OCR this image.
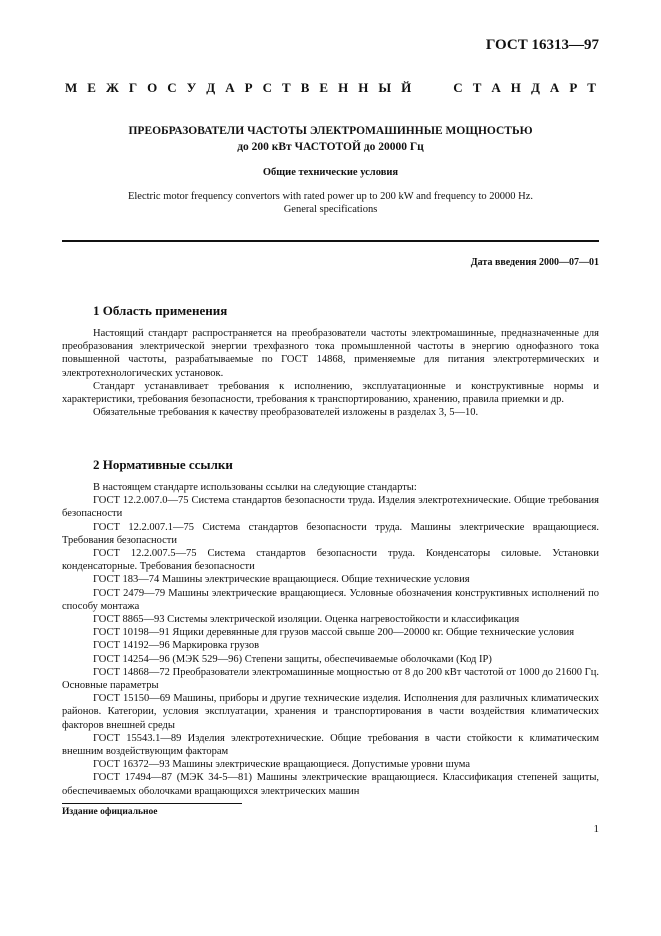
ГОСТ 16313—97
М Е Ж Г О С У Д А Р С Т В Е Н Н Ы Й	С Т А Н Д А Р Т
ПРЕОБРАЗОВАТЕЛИ ЧАСТОТЫ ЭЛЕКТРОМАШИННЫЕ МОЩНОСТЬЮ
до 200 кВт ЧАСТОТОЙ до 20000 Гц
Общие технические условия
Electric motor frequency convertors with rated power up to 200 kW and frequency to 20000 Hz.
General specifications
Дата введения 2000—07—01
1 Область применения

Настоящий стандарт распространяется на преобразователи частоты электромашинные, предназначенные для преобразования электрической энергии трехфазного тока промышленной частоты в энергию однофазного тока повышенной частоты, разрабатываемые по ГОСТ 14868, применяемые для питания электротермических и электротехнологических установок.

Стандарт устанавливает требования к исполнению, эксплуатационные и конструктивные нормы и характеристики, требования безопасности, требования к транспортированию, хранению, правила приемки и др.

Обязательные требования к качеству преобразователей изложены в разделах 3, 5—10.

2 Нормативные ссылки

В настоящем стандарте использованы ссылки на следующие стандарты:

ГОСТ 12.2.007.0—75 Система стандартов безопасности труда. Изделия электротехнические. Общие требования безопасности

ГОСТ 12.2.007.1—75 Система стандартов безопасности труда. Машины электрические вращающиеся. Требования безопасности

ГОСТ 12.2.007.5—75 Система стандартов безопасности труда. Конденсаторы силовые. Установки конденсаторные. Требования безопасности

ГОСТ 183—74 Машины электрические вращающиеся. Общие технические условия

ГОСТ 2479—79 Машины электрические вращающиеся. Условные обозначения конструктивных исполнений по способу монтажа

ГОСТ 8865—93 Системы электрической изоляции. Оценка нагревостойкости и классификация

ГОСТ 10198—91 Ящики деревянные для грузов массой свыше 200—20000 кг. Общие технические условия

ГОСТ 14192—96 Маркировка грузов

ГОСТ 14254—96 (МЭК 529—96) Степени защиты, обеспечиваемые оболочками (Код IP)

ГОСТ 14868—72 Преобразователи электромашинные мощностью от 8 до 200 кВт частотой от 1000 до 21600 Гц. Основные параметры

ГОСТ 15150—69 Машины, приборы и другие технические изделия. Исполнения для различных климатических районов. Категории, условия эксплуатации, хранения и транспортирования в части воздействия климатических факторов внешней среды

ГОСТ 15543.1—89 Изделия электротехнические. Общие требования в части стойкости к климатическим внешним воздействующим факторам

ГОСТ 16372—93 Машины электрические вращающиеся. Допустимые уровни шума

ГОСТ 17494—87 (МЭК 34-5—81) Машины электрические вращающиеся. Классификация степеней защиты, обеспечиваемых оболочками вращающихся электрических машин

Издание официальное
1
